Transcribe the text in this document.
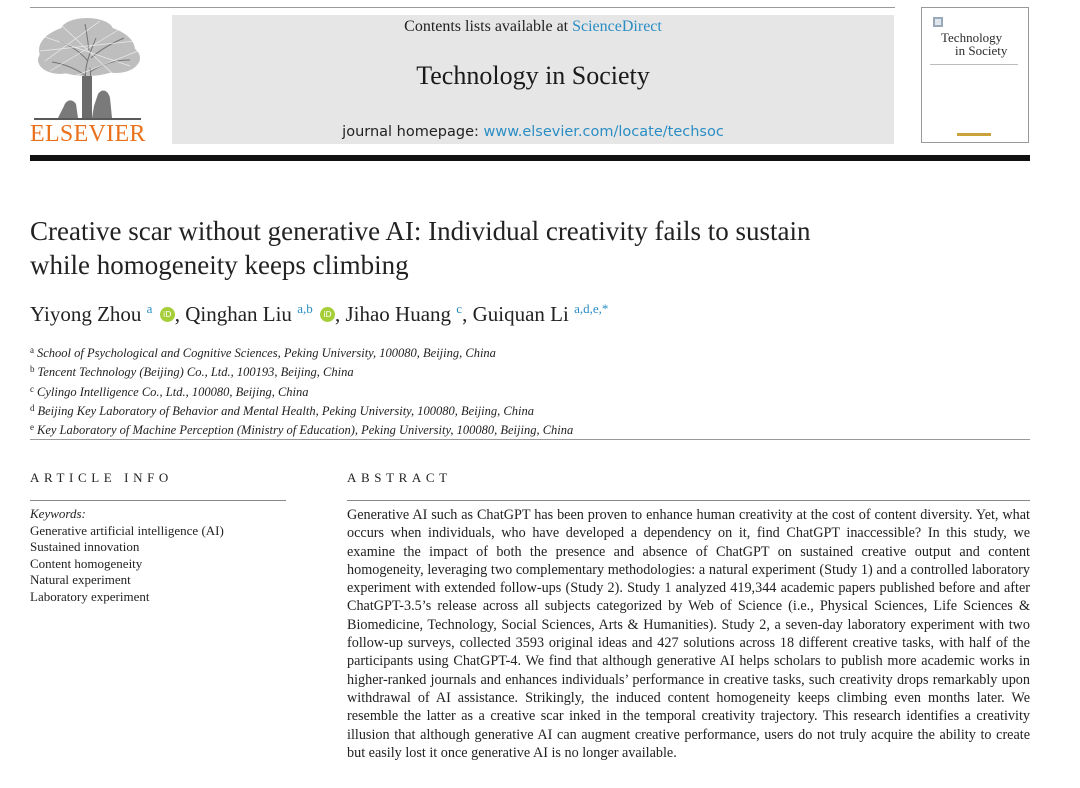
ELSEVIER
Contents lists available at ScienceDirect
Technology in Society
journal homepage: www.elsevier.com/locate/techsoc
Technology
in Society
Creative scar without generative AI: Individual creativity fails to sustain
while homogeneity keeps climbing
Yiyong Zhou $^a$ iD , Qinghan Liu $^{a,b}$ iD , Jihao Huang $^c$, Guiquan Li $^{a,d,e,*}$
$^a$ School of Psychological and Cognitive Sciences, Peking University, 100080, Beijing, China
$^b$ Tencent Technology (Beijing) Co., Ltd., 100193, Beijing, China
$^c$ Cylingo Intelligence Co., Ltd., 100080, Beijing, China
$^d$ Beijing Key Laboratory of Behavior and Mental Health, Peking University, 100080, Beijing, China
$^e$ Key Laboratory of Machine Perception (Ministry of Education), Peking University, 100080, Beijing, China
ARTICLE INFO
Keywords:
Generative artificial intelligence (AI)
Sustained innovation
Content homogeneity
Natural experiment
Laboratory experiment
ABSTRACT
Generative AI such as ChatGPT has been proven to enhance human creativity at the cost of content diversity. Yet, what occurs when individuals, who have developed a dependency on it, find ChatGPT inaccessible? In this study, we examine the impact of both the presence and absence of ChatGPT on sustained creative output and content homogeneity, leveraging two complementary methodologies: a natural experiment (Study 1) and a controlled laboratory experiment with extended follow-ups (Study 2). Study 1 analyzed 419,344 academic papers published before and after ChatGPT-3.5’s release across all subjects categorized by Web of Science (i.e., Physical Sciences, Life Sciences & Biomedicine, Technology, Social Sciences, Arts & Humanities). Study 2, a seven-day laboratory experiment with two follow-up surveys, collected 3593 original ideas and 427 solutions across 18 different creative tasks, with half of the participants using ChatGPT-4. We find that although generative AI helps scholars to publish more academic works in higher-ranked journals and enhances individuals’ performance in creative tasks, such creativity drops remarkably upon withdrawal of AI assistance. Strikingly, the induced content homogeneity keeps climbing even months later. We resemble the latter as a creative scar inked in the temporal creativity trajectory. This research identifies a creativity illusion that although generative AI can augment creative performance, users do not truly acquire the ability to create but easily lost it once generative AI is no longer available.
